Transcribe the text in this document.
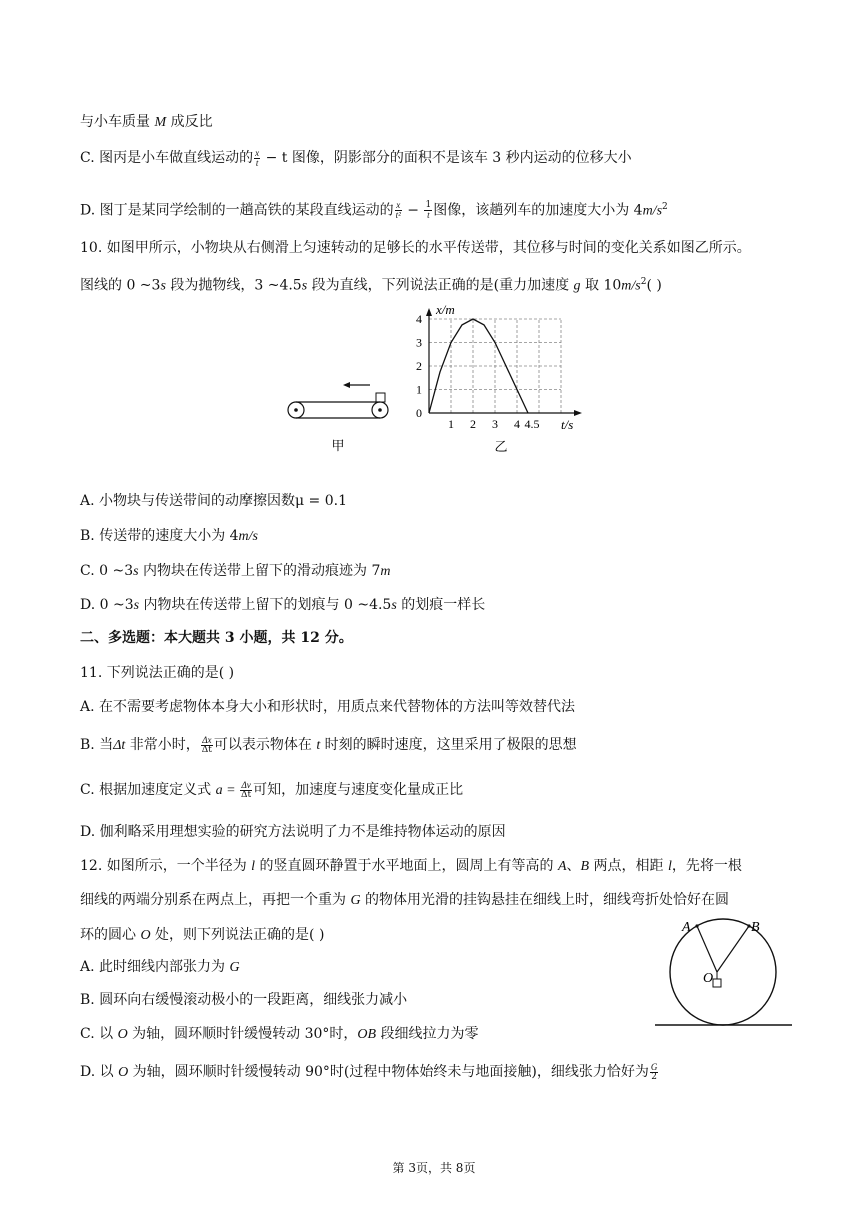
与小车质量 M 成反比
C. 图丙是小车做直线运动的 $\frac{x}{t} - t$ 图像，阴影部分的面积不是该车 3 秒内运动的位移大小
D. 图丁是某同学绘制的一趟高铁的某段直线运动的 $\frac{x}{\text{t²}} - \frac{1}{t}$ 图像，该趟列车的加速度大小为 $4m/s^2$
10. 如图甲所示，小物块从右侧滑上匀速转动的足够长的水平传送带，其位移与时间的变化关系如图乙所示。
图线的 0 ~3s 段为抛物线，3 ~4.5s 段为直线，下列说法正确的是(重力加速度 g 取 $10m/s^2$( )
甲
1 2 3 4 4.5
0
1
2
3
4
x/m
t/s
乙
A. 小物块与传送带间的动摩擦因数μ = 0.1
B. 传送带的速度大小为 4m/s
C. 0 ~3s 内物块在传送带上留下的滑动痕迹为 7m
D. 0 ~3s 内物块在传送带上留下的划痕与 0 ~4.5s 的划痕一样长
二、多选题：本大题共 3 小题，共 12 分。
11. 下列说法正确的是( )
A. 在不需要考虑物体本身大小和形状时，用质点来代替物体的方法叫等效替代法
B. 当Δt 非常小时， $\frac{\Delta x}{\Delta t}$ 可以表示物体在 t 时刻的瞬时速度，这里采用了极限的思想
C. 根据加速度定义式 $a = \frac{\Delta v}{\Delta t}$ 可知，加速度与速度变化量成正比
D. 伽利略采用理想实验的研究方法说明了力不是维持物体运动的原因
12. 如图所示，一个半径为 l 的竖直圆环静置于水平地面上，圆周上有等高的 A、B 两点，相距 l，先将一根
细线的两端分别系在两点上，再把一个重为 G 的物体用光滑的挂钩悬挂在细线上时，细线弯折处恰好在圆
环的圆心 O 处，则下列说法正确的是( )
A. 此时细线内部张力为 G
B. 圆环向右缓慢滚动极小的一段距离，细线张力减小
C. 以 O 为轴，圆环顺时针缓慢转动 30°时，OB 段细线拉力为零
D. 以 O 为轴，圆环顺时针缓慢转动 90°时(过程中物体始终未与地面接触)，细线张力恰好为 $\frac{G}{2}$
A	B
O
第 3页，共 8页
